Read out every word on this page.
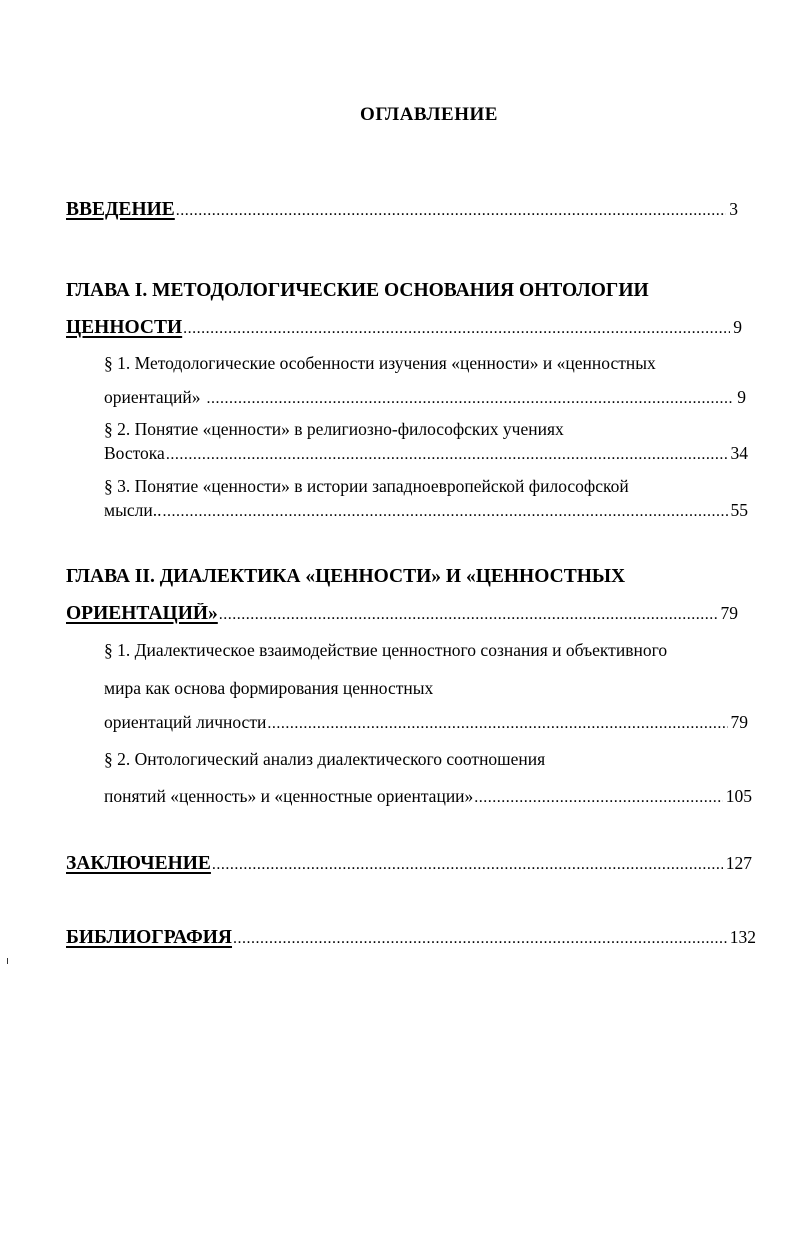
ОГЛАВЛЕНИЕ
ВВЕДЕНИЕ .....	3
ГЛАВА I. МЕТОДОЛОГИЧЕСКИЕ ОСНОВАНИЯ ОНТОЛОГИИ
ЦЕННОСТИ .....	9
§ 1. Методологические особенности изучения «ценности» и «ценностных
ориентаций» .....	9
§ 2. Понятие «ценности» в религиозно-философских учениях
Востока .....	34
§ 3. Понятие «ценности» в истории западноевропейской философской
мысли.. .....	55
ГЛАВА II. ДИАЛЕКТИКА «ЦЕННОСТИ» И «ЦЕННОСТНЫХ
ОРИЕНТАЦИЙ» .....	79
§ 1. Диалектическое взаимодействие ценностного сознания и объективного
мира как основа формирования ценностных
ориентаций личности .....	79
§ 2. Онтологический анализ диалектического соотношения
понятий «ценность» и «ценностные ориентации» .....	105
ЗАКЛЮЧЕНИЕ .....	127
БИБЛИОГРАФИЯ .....	132
